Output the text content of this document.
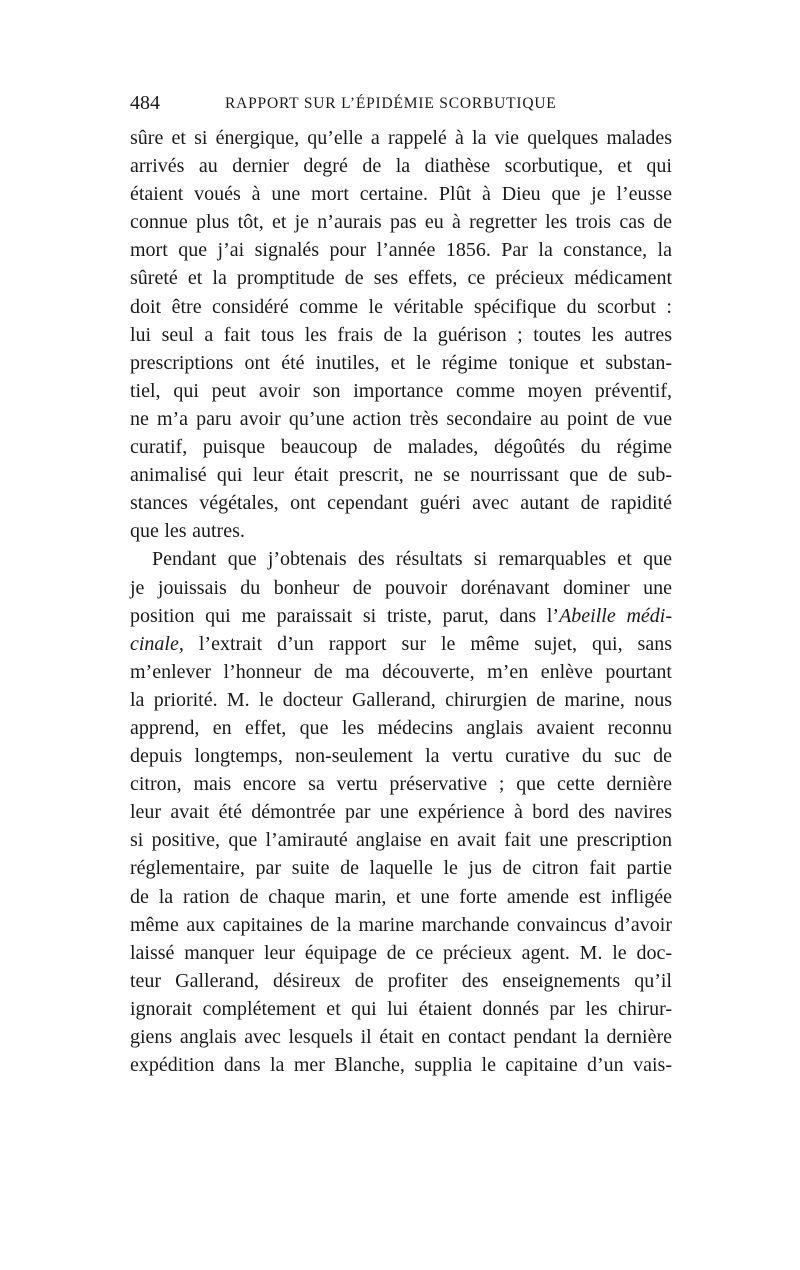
484	RAPPORT SUR L’ÉPIDÉMIE SCORBUTIQUE

sûre et si énergique, qu’elle a rappelé à la vie quelques malades
arrivés au dernier degré de la diathèse scorbutique, et qui
étaient voués à une mort certaine. Plût à Dieu que je l’eusse
connue plus tôt, et je n’aurais pas eu à regretter les trois cas de
mort que j’ai signalés pour l’année 1856. Par la constance, la
sûreté et la promptitude de ses effets, ce précieux médicament
doit être considéré comme le véritable spécifique du scorbut :
lui seul a fait tous les frais de la guérison ; toutes les autres
prescriptions ont été inutiles, et le régime tonique et substan-
tiel, qui peut avoir son importance comme moyen préventif,
ne m’a paru avoir qu’une action très secondaire au point de vue
curatif, puisque beaucoup de malades, dégoûtés du régime
animalisé qui leur était prescrit, ne se nourrissant que de sub-
stances végétales, ont cependant guéri avec autant de rapidité
que les autres.

Pendant que j’obtenais des résultats si remarquables et que
je jouissais du bonheur de pouvoir dorénavant dominer une
position qui me paraissait si triste, parut, dans l’Abeille médi-
cinale, l’extrait d’un rapport sur le même sujet, qui, sans
m’enlever l’honneur de ma découverte, m’en enlève pourtant
la priorité. M. le docteur Gallerand, chirurgien de marine, nous
apprend, en effet, que les médecins anglais avaient reconnu
depuis longtemps, non-seulement la vertu curative du suc de
citron, mais encore sa vertu préservative ; que cette dernière
leur avait été démontrée par une expérience à bord des navires
si positive, que l’amirauté anglaise en avait fait une prescription
réglementaire, par suite de laquelle le jus de citron fait partie
de la ration de chaque marin, et une forte amende est infligée
même aux capitaines de la marine marchande convaincus d’avoir
laissé manquer leur équipage de ce précieux agent. M. le doc-
teur Gallerand, désireux de profiter des enseignements qu’il
ignorait complétement et qui lui étaient donnés par les chirur-
giens anglais avec lesquels il était en contact pendant la dernière
expédition dans la mer Blanche, supplia le capitaine d’un vais-
